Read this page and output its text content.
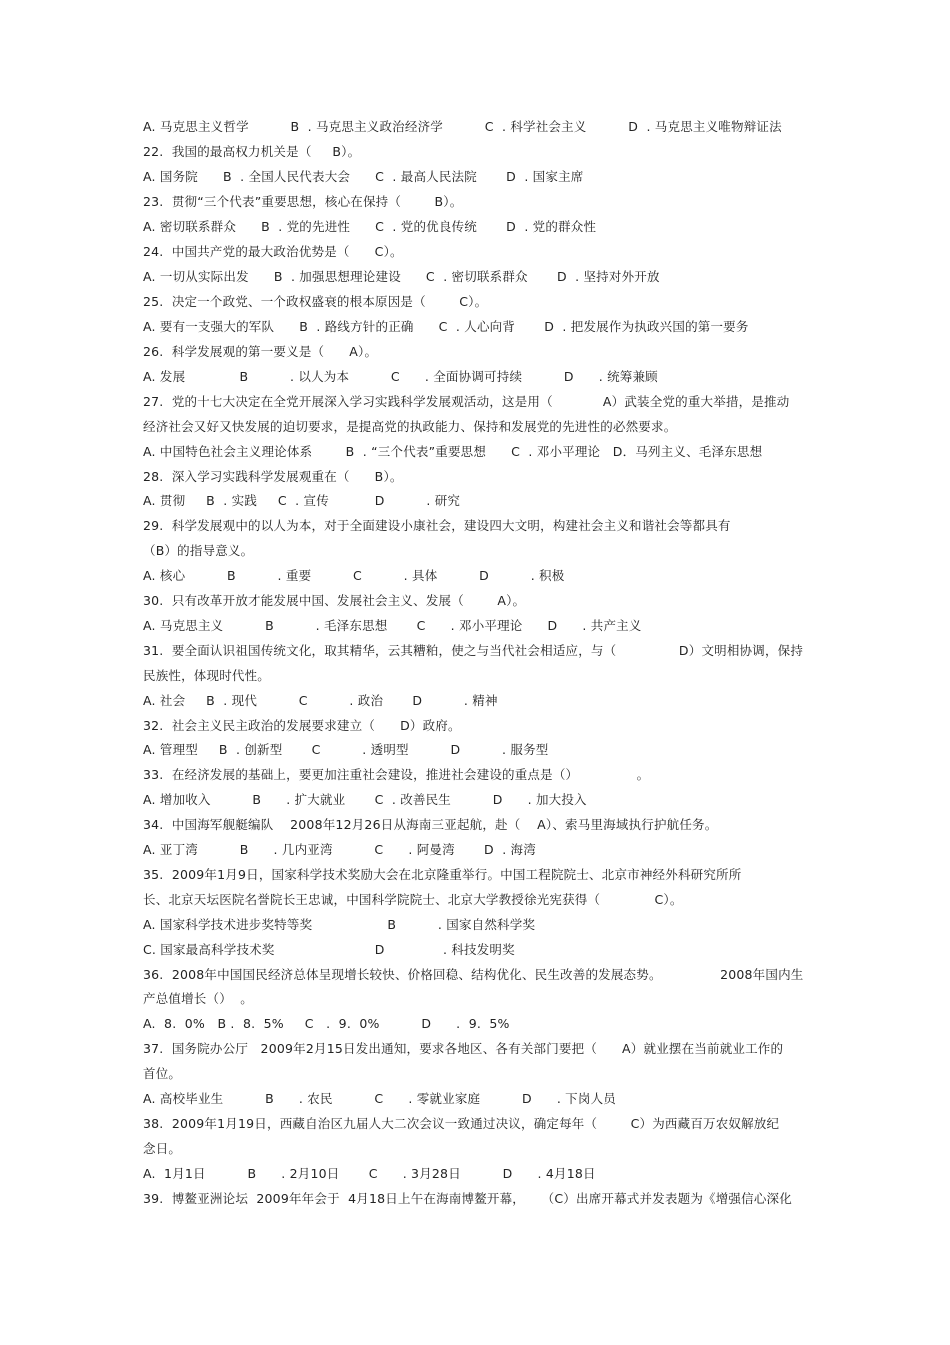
A. 马克思主义哲学          B  . 马克思主义政治经济学          C  . 科学社会主义          D  . 马克思主义唯物辩证法
22.  我国的最高权力机关是（     B）。
A. 国务院      B  . 全国人民代表大会      C  . 最高人民法院       D  . 国家主席
23.  贯彻“三个代表”重要思想，核心在保持（        B）。
A. 密切联系群众      B  . 党的先进性      C  . 党的优良传统       D  . 党的群众性
24.  中国共产党的最大政治优势是（      C）。
A. 一切从实际出发      B  . 加强思想理论建设      C  . 密切联系群众       D  . 坚持对外开放
25.  决定一个政党、一个政权盛衰的根本原因是（        C）。
A. 要有一支强大的军队      B  . 路线方针的正确      C  . 人心向背       D  . 把发展作为执政兴国的第一要务
26.  科学发展观的第一要义是（      A）。
A. 发展             B          . 以人为本          C      . 全面协调可持续          D      . 统筹兼顾
27.  党的十七大决定在全党开展深入学习实践科学发展观活动，这是用（            A）武装全党的重大举措，是推动
经济社会又好又快发展的迫切要求，是提高党的执政能力、保持和发展党的先进性的必然要求。
A. 中国特色社会主义理论体系        B  . “三个代表”重要思想      C  . 邓小平理论   D．马列主义、毛泽东思想
28.  深入学习实践科学发展观重在（      B）。
A. 贯彻     B  . 实践     C  . 宣传           D          . 研究
29.  科学发展观中的以人为本，对于全面建设小康社会，建设四大文明，构建社会主义和谐社会等都具有
（B）的指导意义。
A. 核心          B          . 重要          C          . 具体          D          . 积极
30.  只有改革开放才能发展中国、发展社会主义、发展（        A）。
A. 马克思主义          B          . 毛泽东思想       C      . 邓小平理论      D      . 共产主义
31.  要全面认识祖国传统文化，取其精华，云其糟粕，使之与当代社会相适应，与（               D）文明相协调，保持
民族性，体现时代性。
A. 社会     B  . 现代          C          . 政治       D          . 精神
32.  社会主义民主政治的发展要求建立（      D）政府。
A. 管理型     B  . 创新型       C          . 透明型          D          . 服务型
33.  在经济发展的基础上，要更加注重社会建设，推进社会建设的重点是（）              。
A. 增加收入          B      . 扩大就业       C  . 改善民生          D      . 加大投入
34.  中国海军舰艇编队    2008年12月26日从海南三亚起航，赴（    A）、索马里海域执行护航任务。
A. 亚丁湾          B      . 几内亚湾          C      . 阿曼湾       D  . 海湾
35.  2009年1月9日，国家科学技术奖励大会在北京隆重举行。中国工程院院士、北京市神经外科研究所所
长、北京天坛医院名誉院长王忠诚，中国科学院院士、北京大学教授徐光宪获得（             C）。
A. 国家科学技术进步奖特等奖                  B          . 国家自然科学奖
C. 国家最高科学技术奖                        D              . 科技发明奖
36.  2008年中国国民经济总体呈现增长较快、价格回稳、结构优化、民生改善的发展态势。              2008年国内生
产总值增长（）  。
A.  8.  0%   B .  8.  5%     C   .  9.  0%          D      .  9.  5%
37.  国务院办公厅   2009年2月15日发出通知，要求各地区、各有关部门要把（      A）就业摆在当前就业工作的
首位。
A. 高校毕业生          B      . 农民          C      . 零就业家庭          D      . 下岗人员
38.  2009年1月19日，西藏自治区九届人大二次会议一致通过决议，确定每年（        C）为西藏百万农奴解放纪
念日。
A.  1月1日          B      . 2月10日       C      . 3月28日          D      . 4月18日
39.  博鳌亚洲论坛  2009年年会于  4月18日上午在海南博鳌开幕，    （C）出席开幕式并发表题为《增强信心深化
